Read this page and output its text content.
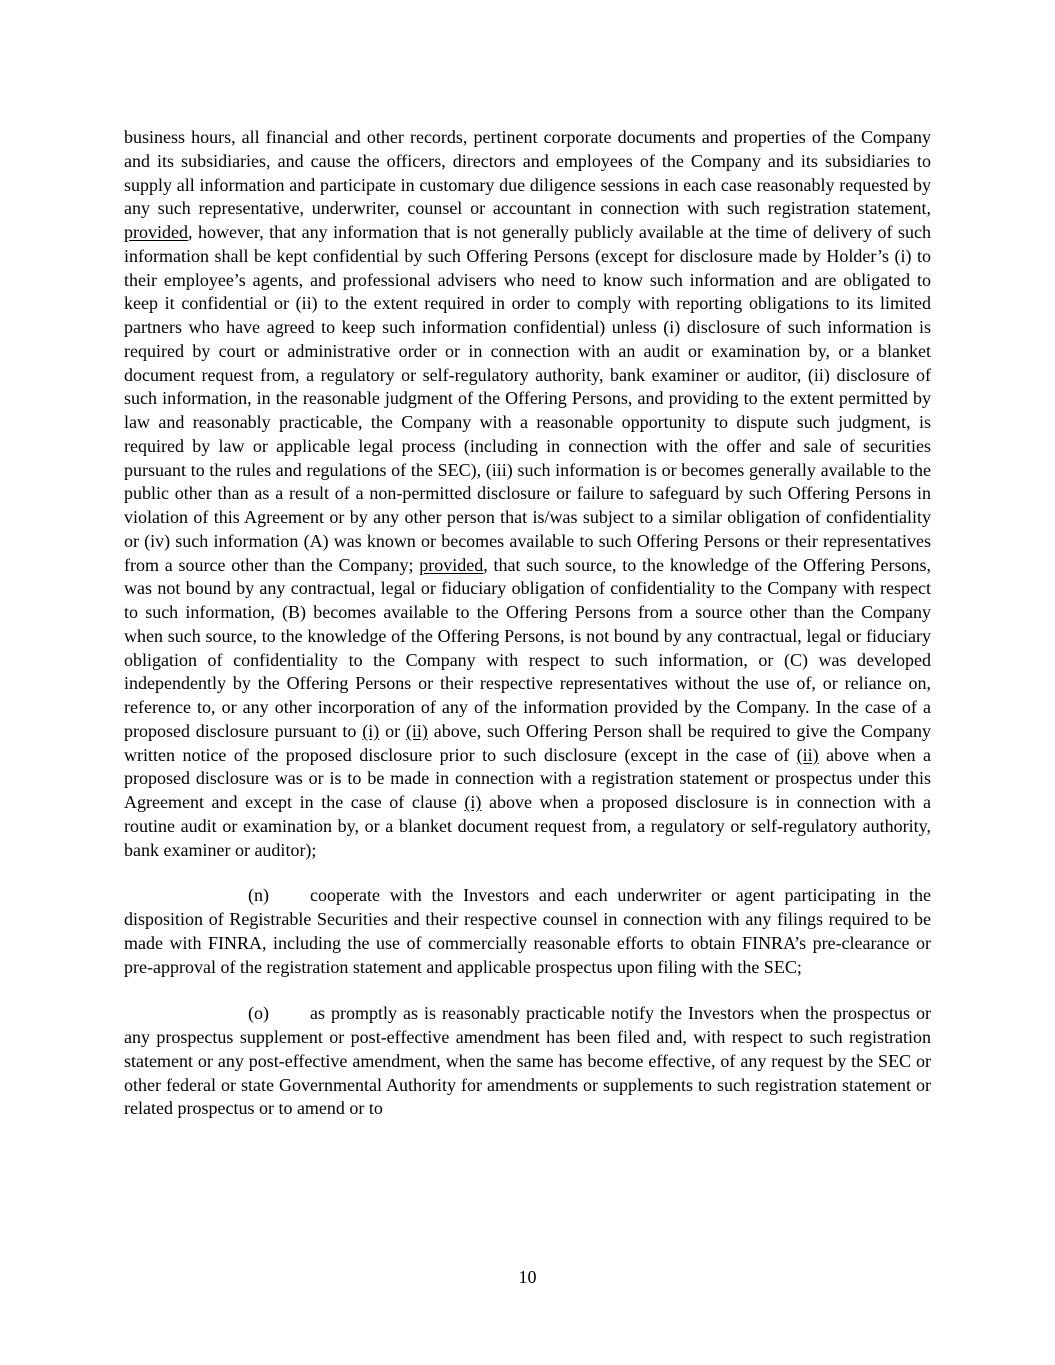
business hours, all financial and other records, pertinent corporate documents and properties of the Company and its subsidiaries, and cause the officers, directors and employees of the Company and its subsidiaries to supply all information and participate in customary due diligence sessions in each case reasonably requested by any such representative, underwriter, counsel or accountant in connection with such registration statement, provided, however, that any information that is not generally publicly available at the time of delivery of such information shall be kept confidential by such Offering Persons (except for disclosure made by Holder’s (i) to their employee’s agents, and professional advisers who need to know such information and are obligated to keep it confidential or (ii) to the extent required in order to comply with reporting obligations to its limited partners who have agreed to keep such information confidential) unless (i) disclosure of such information is required by court or administrative order or in connection with an audit or examination by, or a blanket document request from, a regulatory or self-regulatory authority, bank examiner or auditor, (ii) disclosure of such information, in the reasonable judgment of the Offering Persons, and providing to the extent permitted by law and reasonably practicable, the Company with a reasonable opportunity to dispute such judgment, is required by law or applicable legal process (including in connection with the offer and sale of securities pursuant to the rules and regulations of the SEC), (iii) such information is or becomes generally available to the public other than as a result of a non-permitted disclosure or failure to safeguard by such Offering Persons in violation of this Agreement or by any other person that is/was subject to a similar obligation of confidentiality or (iv) such information (A) was known or becomes available to such Offering Persons or their representatives from a source other than the Company; provided, that such source, to the knowledge of the Offering Persons, was not bound by any contractual, legal or fiduciary obligation of confidentiality to the Company with respect to such information, (B) becomes available to the Offering Persons from a source other than the Company when such source, to the knowledge of the Offering Persons, is not bound by any contractual, legal or fiduciary obligation of confidentiality to the Company with respect to such information, or (C) was developed independently by the Offering Persons or their respective representatives without the use of, or reliance on, reference to, or any other incorporation of any of the information provided by the Company. In the case of a proposed disclosure pursuant to (i) or (ii) above, such Offering Person shall be required to give the Company written notice of the proposed disclosure prior to such disclosure (except in the case of (ii) above when a proposed disclosure was or is to be made in connection with a registration statement or prospectus under this Agreement and except in the case of clause (i) above when a proposed disclosure is in connection with a routine audit or examination by, or a blanket document request from, a regulatory or self-regulatory authority, bank examiner or auditor);

(n) cooperate with the Investors and each underwriter or agent participating in the disposition of Registrable Securities and their respective counsel in connection with any filings required to be made with FINRA, including the use of commercially reasonable efforts to obtain FINRA’s pre-clearance or pre-approval of the registration statement and applicable prospectus upon filing with the SEC;

(o) as promptly as is reasonably practicable notify the Investors when the prospectus or any prospectus supplement or post-effective amendment has been filed and, with respect to such registration statement or any post-effective amendment, when the same has become effective, of any request by the SEC or other federal or state Governmental Authority for amendments or supplements to such registration statement or related prospectus or to amend or to

10
